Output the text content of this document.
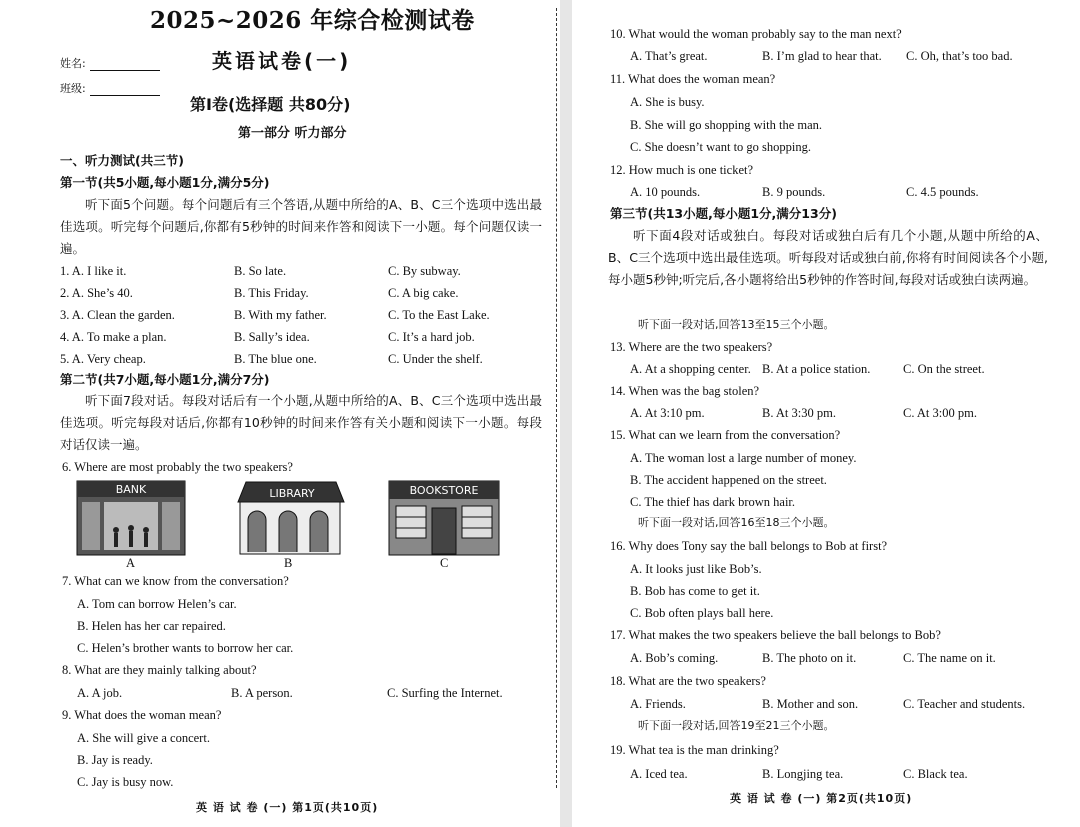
2025~2026 年综合检测试卷
姓名:
班级:
英语试卷(一)
第Ⅰ卷(选择题 共80分)
第一部分 听力部分
一、听力测试(共三节)
第一节(共5小题,每小题1分,满分5分)
听下面5个问题。每个问题后有三个答语,从题中所给的A、B、C三个选项中选出最佳选项。听完每个问题后,你都有5秒钟的时间来作答和阅读下一小题。每个问题仅读一遍。
1. A. I like it.	B. So late.	C. By subway.
2. A. She’s 40.	B. This Friday.	C. A big cake.
3. A. Clean the garden.	B. With my father.	C. To the East Lake.
4. A. To make a plan.	B. Sally’s idea.	C. It’s a hard job.
5. A. Very cheap.	B. The blue one.	C. Under the shelf.
第二节(共7小题,每小题1分,满分7分)
听下面7段对话。每段对话后有一个小题,从题中所给的A、B、C三个选项中选出最佳选项。听完每段对话后,你都有10秒钟的时间来作答有关小题和阅读下一小题。每段对话仅读一遍。
6. Where are most probably the two speakers?
BANK
A
LIBRARY
B
BOOKSTORE
C
7. What can we know from the conversation?
A. Tom can borrow Helen’s car.
B. Helen has her car repaired.
C. Helen’s brother wants to borrow her car.
8. What are they mainly talking about?
A. A job.	B. A person.	C. Surfing the Internet.
9. What does the woman mean?
A. She will give a concert.
B. Jay is ready.
C. Jay is busy now.
英 语 试 卷 (一) 第1页(共10页)
10. What would the woman probably say to the man next?
A. That’s great.	B. I’m glad to hear that. C. Oh, that’s too bad.
11. What does the woman mean?
A. She is busy.
B. She will go shopping with the man.
C. She doesn’t want to go shopping.
12. How much is one ticket?
A. 10 pounds.	B. 9 pounds.	C. 4.5 pounds.
第三节(共13小题,每小题1分,满分13分)
听下面4段对话或独白。每段对话或独白后有几个小题,从题中所给的A、B、C三个选项中选出最佳选项。听每段对话或独白前,你将有时间阅读各个小题,每小题5秒钟;听完后,各小题将给出5秒钟的作答时间,每段对话或独白读两遍。
听下面一段对话,回答13至15三个小题。
13. Where are the two speakers?
A. At a shopping center. B. At a police station.	C. On the street.
14. When was the bag stolen?
A. At 3:10 pm.	B. At 3:30 pm.	C. At 3:00 pm.
15. What can we learn from the conversation?
A. The woman lost a large number of money.
B. The accident happened on the street.
C. The thief has dark brown hair.
听下面一段对话,回答16至18三个小题。
16. Why does Tony say the ball belongs to Bob at first?
A. It looks just like Bob’s.
B. Bob has come to get it.
C. Bob often plays ball here.
17. What makes the two speakers believe the ball belongs to Bob?
A. Bob’s coming.	B. The photo on it.	C. The name on it.
18. What are the two speakers?
A. Friends.	B. Mother and son.	C. Teacher and students.
听下面一段对话,回答19至21三个小题。
19. What tea is the man drinking?
A. Iced tea.	B. Longjing tea.	C. Black tea.
英 语 试 卷 (一) 第2页(共10页)
